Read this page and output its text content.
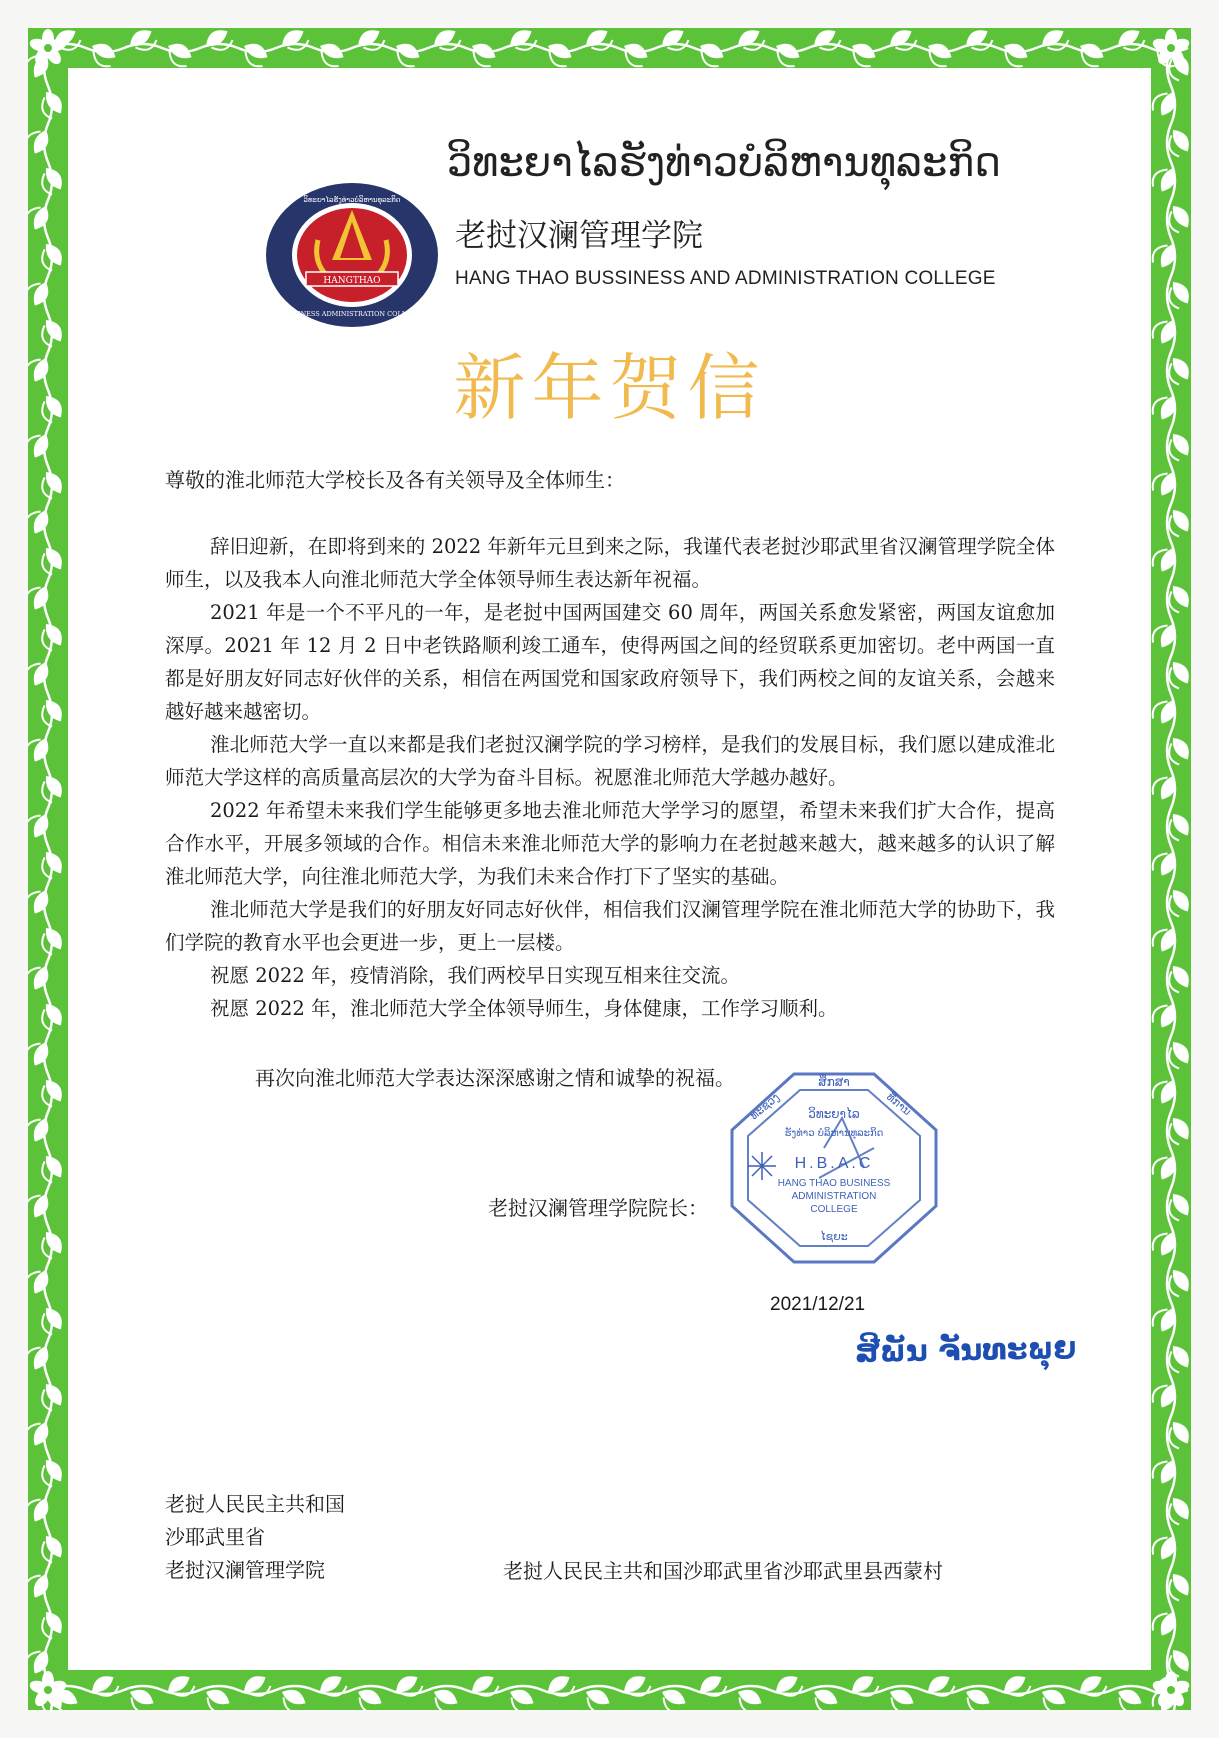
ວິທະຍາໄລຮັງທ່າວບໍລິຫານທຸລະກິດ
老挝汉澜管理学院
HANG THAO BUSSINESS AND ADMINISTRATION COLLEGE
HANGTHAO
ວິທະຍາໄລຮັງທ່າວບໍລິຫານທຸລະກິດ
BUSINESS ADMINISTRATION COLLEGE
新年贺信
尊敬的淮北师范大学校长及各有关领导及全体师生：

辞旧迎新，在即将到来的 2022 年新年元旦到来之际，我谨代表老挝沙耶武里省汉澜管理学院全体师生，以及我本人向淮北师范大学全体领导师生表达新年祝福。

2021 年是一个不平凡的一年，是老挝中国两国建交 60 周年，两国关系愈发紧密，两国友谊愈加深厚。2021 年 12 月 2 日中老铁路顺利竣工通车，使得两国之间的经贸联系更加密切。老中两国一直都是好朋友好同志好伙伴的关系，相信在两国党和国家政府领导下，我们两校之间的友谊关系，会越来越好越来越密切。

淮北师范大学一直以来都是我们老挝汉澜学院的学习榜样，是我们的发展目标，我们愿以建成淮北师范大学这样的高质量高层次的大学为奋斗目标。祝愿淮北师范大学越办越好。

2022 年希望未来我们学生能够更多地去淮北师范大学学习的愿望，希望未来我们扩大合作，提高合作水平，开展多领域的合作。相信未来淮北师范大学的影响力在老挝越来越大，越来越多的认识了解淮北师范大学，向往淮北师范大学，为我们未来合作打下了坚实的基础。

淮北师范大学是我们的好朋友好同志好伙伴，相信我们汉澜管理学院在淮北师范大学的协助下，我们学院的教育水平也会更进一步，更上一层楼。

祝愿 2022 年，疫情消除，我们两校早日实现互相来往交流。

祝愿 2022 年，淮北师范大学全体领导师生，身体健康，工作学习顺利。

再次向淮北师范大学表达深深感谢之情和诚挚的祝福。
老挝汉澜管理学院院长：
ສຶກສາ
ທະຊວງ	ທີ່ການ
ວິທະຍາໄລ
ຮັງທ່າວ ບໍລິຫານທຸລະກິດ
H.B.A.C
HANG THAO BUSINESS
ADMINISTRATION
COLLEGE
ໄຊຍະ
2021/12/21
ສີພັນ ຈັນທະພຸຍ
老挝人民民主共和国
沙耶武里省
老挝汉澜管理学院	老挝人民民主共和国沙耶武里省沙耶武里县西蒙村
